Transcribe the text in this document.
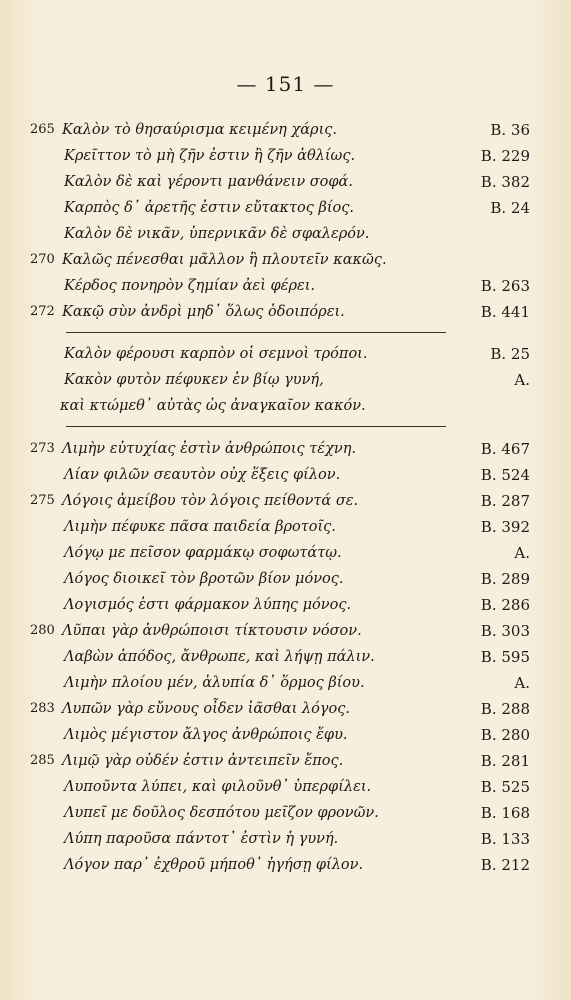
— 151 —
265 Καλὸν τὸ θησαύρισμα κειμένη χάρις.	Β. 36
Κρεῖττον τὸ μὴ ζῆν ἐστιν ἢ ζῆν ἀθλίως.	Β. 229
Καλὸν δὲ καὶ γέροντι μανθάνειν σοφά.	Β. 382
Καρπὸς δ᾽ ἀρετῆς ἐστιν εὔτακτος βίος.	Β. 24
Καλὸν δὲ νικᾶν, ὑπερνικᾶν δὲ σφαλερόν.
270 Καλῶς πένεσθαι μᾶλλον ἢ πλουτεῖν κακῶς.
Κέρδος πονηρὸν ζημίαν ἀεὶ φέρει.	Β. 263
272 Κακῷ σὺν ἀνδρὶ μηδ᾽ ὅλως ὁδοιπόρει.	Β. 441
Καλὸν φέρουσι καρπὸν οἱ σεμνοὶ τρόποι.	Β. 25
Κακὸν φυτὸν πέφυκεν ἐν βίῳ γυνή,	Α.
καὶ κτώμεθ᾽ αὐτὰς ὡς ἀναγκαῖον κακόν.
273 Λιμὴν εὐτυχίας ἐστὶν ἀνθρώποις τέχνη.	Β. 467
Λίαν φιλῶν σεαυτὸν οὐχ ἕξεις φίλον.	Β. 524
275 Λόγοις ἀμείβου τὸν λόγοις πείθοντά σε.	Β. 287
Λιμὴν πέφυκε πᾶσα παιδεία βροτοῖς.	Β. 392
Λόγῳ με πεῖσον φαρμάκῳ σοφωτάτῳ.	Α.
Λόγος διοικεῖ τὸν βροτῶν βίον μόνος.	Β. 289
Λογισμός ἐστι φάρμακον λύπης μόνος.	Β. 286
280 Λῦπαι γὰρ ἀνθρώποισι τίκτουσιν νόσον.	Β. 303
Λαβὼν ἀπόδος, ἄνθρωπε, καὶ λήψῃ πάλιν.	Β. 595
Λιμὴν πλοίου μέν, ἀλυπία δ᾽ ὅρμος βίου.	Α.
283 Λυπῶν γὰρ εὔνους οἶδεν ἰᾶσθαι λόγος.	Β. 288
Λιμὸς μέγιστον ἄλγος ἀνθρώποις ἔφυ.	Β. 280
285 Λιμῷ γὰρ οὐδέν ἐστιν ἀντειπεῖν ἔπος.	Β. 281
Λυποῦντα λύπει, καὶ φιλοῦνθ᾽ ὑπερφίλει.	Β. 525
Λυπεῖ με δοῦλος δεσπότου μεῖζον φρονῶν.	Β. 168
Λύπη παροῦσα πάντοτ᾽ ἐστὶν ἡ γυνή.	Β. 133
Λόγον παρ᾽ ἐχθροῦ μήποθ᾽ ἡγήσῃ φίλον.	Β. 212
